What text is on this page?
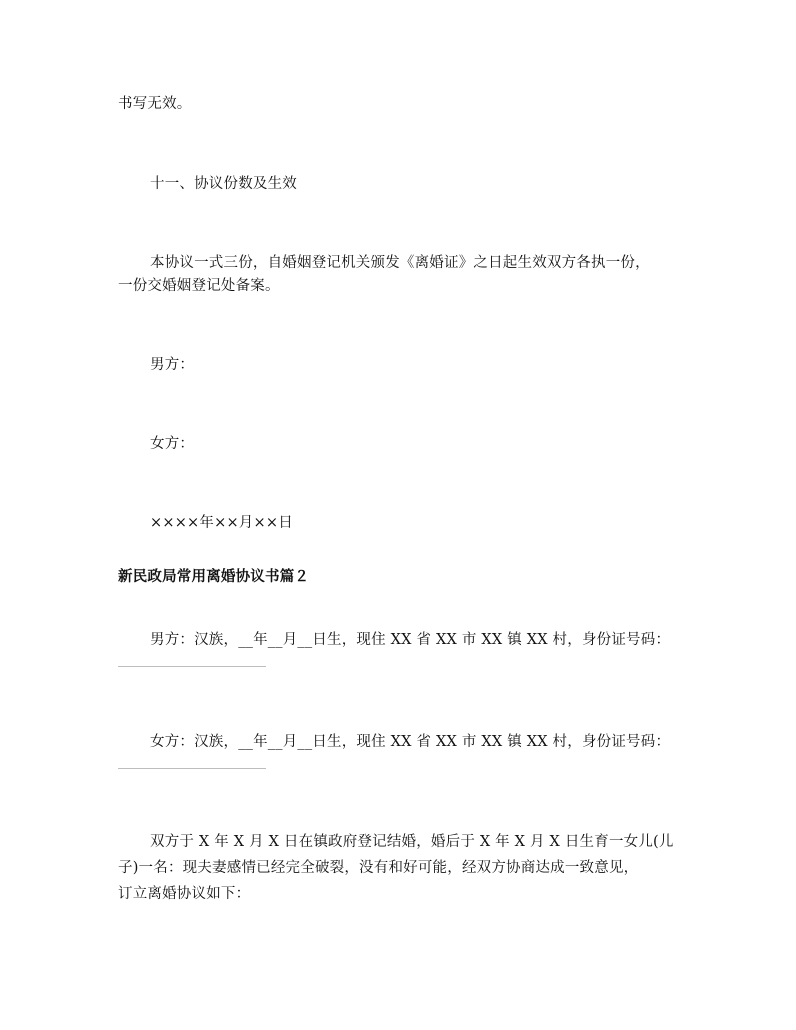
书写无效。
十一、协议份数及生效
本协议一式三份，自婚姻登记机关颁发《离婚证》之日起生效双方各执一份，
一份交婚姻登记处备案。
男方：
女方：
××××年××月××日
新民政局常用离婚协议书篇２
男方：汉族，__年__月__日生，现住 XX 省 XX 市 XX 镇 XX 村，身份证号码：
女方：汉族，__年__月__日生，现住 XX 省 XX 市 XX 镇 XX 村，身份证号码：
双方于 X 年 X 月 X 日在镇政府登记结婚，婚后于 X 年 X 月 X 日生育一女儿(儿
子)一名：现夫妻感情已经完全破裂，没有和好可能，经双方协商达成一致意见，
订立离婚协议如下：
